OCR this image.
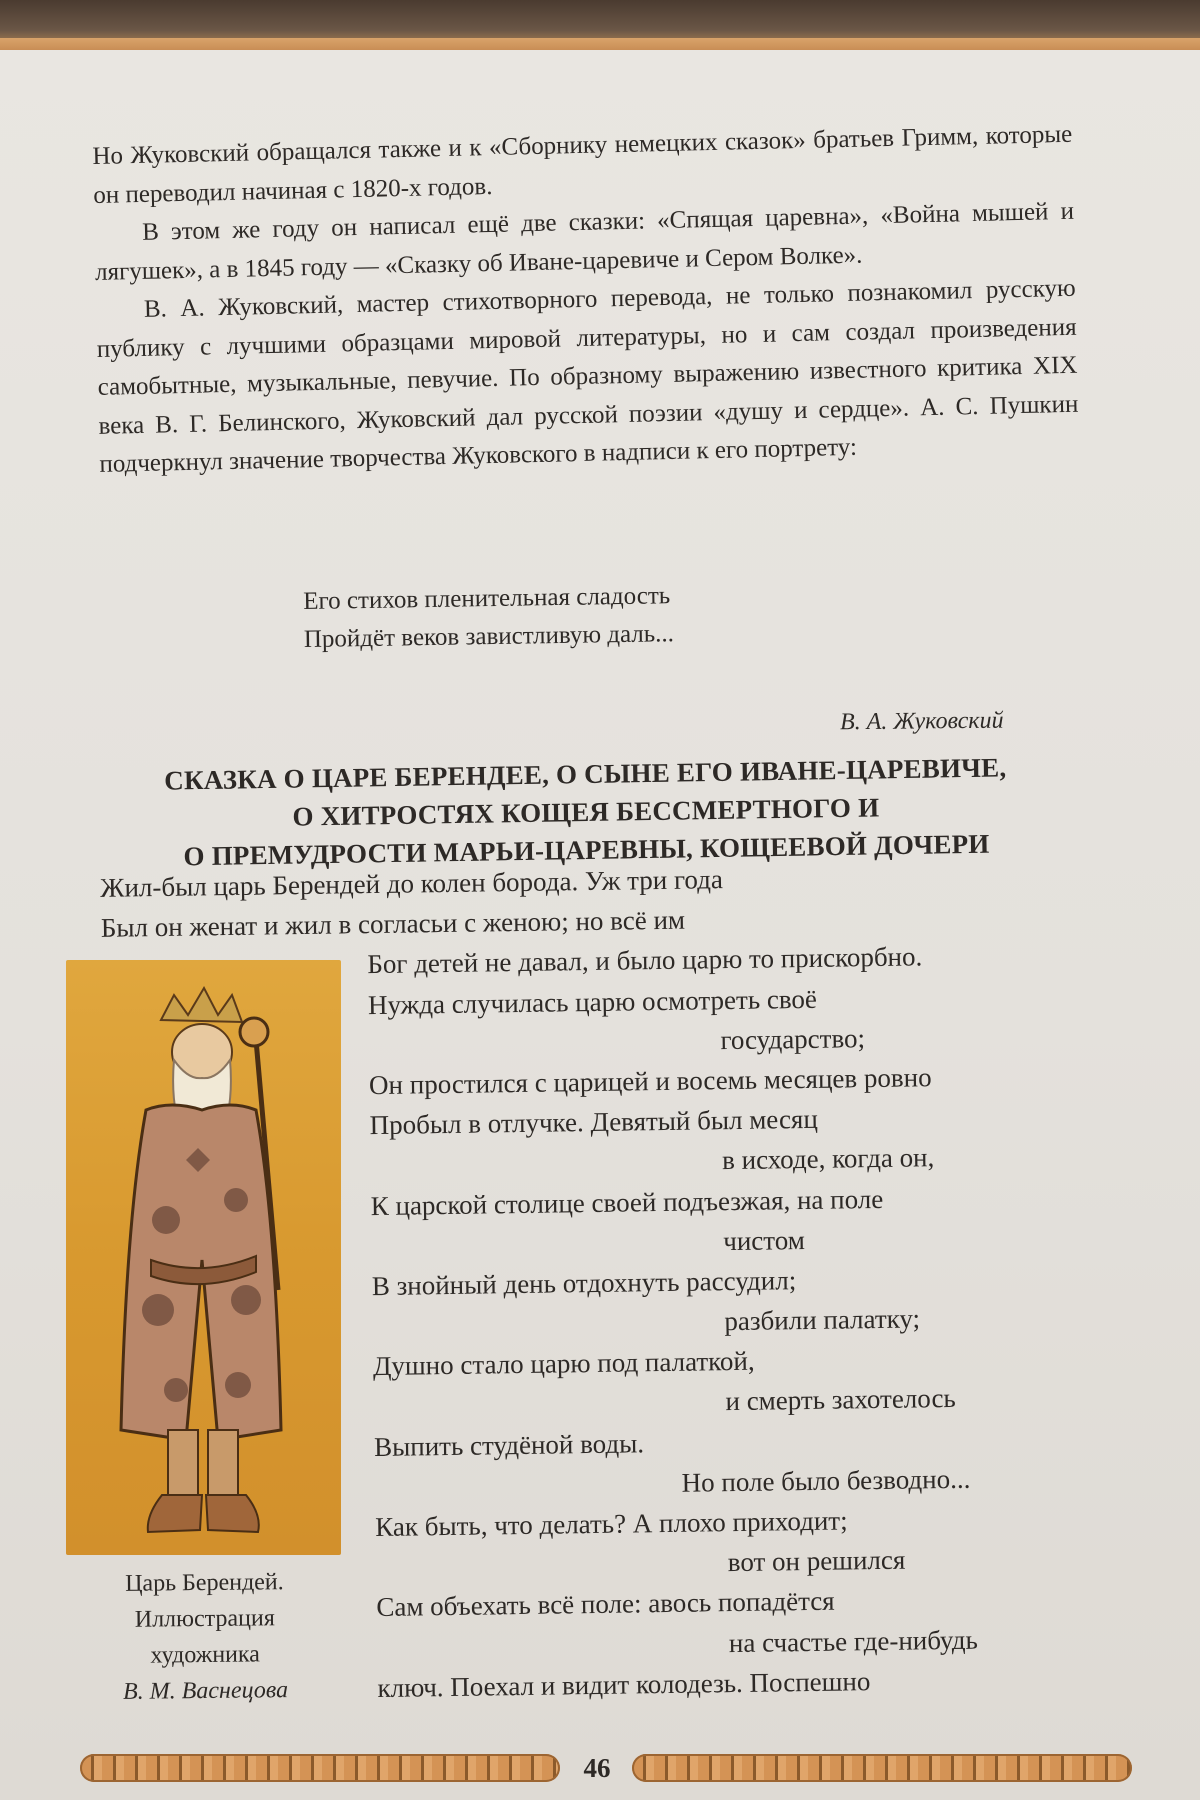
Но Жуковский обращался также и к «Сборнику немецких сказок» братьев Гримм, которые он переводил начиная с 1820-х годов.

В этом же году он написал ещё две сказки: «Спящая царевна», «Война мышей и лягушек», а в 1845 году — «Сказку об Иване-царевиче и Сером Волке».

В. А. Жуковский, мастер стихотворного перевода, не только познакомил русскую публику с лучшими образцами мировой литературы, но и сам создал произведения самобытные, музыкальные, певучие. По образному выражению известного критика XIX века В. Г. Белинского, Жуковский дал русской поэзии «душу и сердце». А. С. Пушкин подчеркнул значение творчества Жуковского в надписи к его портрету:

Его стихов пленительная сладость
Пройдёт веков завистливую даль...
В. А. Жуковский
СКАЗКА О ЦАРЕ БЕРЕНДЕЕ, О СЫНЕ ЕГО ИВАНЕ-ЦАРЕВИЧЕ,
О ХИТРОСТЯХ КОЩЕЯ БЕССМЕРТНОГО И
О ПРЕМУДРОСТИ МАРЬИ-ЦАРЕВНЫ, КОЩЕЕВОЙ ДОЧЕРИ
Царь Берендей.
Иллюстрация
художника
В. М. Васнецова
Жил-был царь Берендей до колен борода. Уж три года
Был он женат и жил в согласьи с женою; но всё им
Бог детей не давал, и было царю то прискорбно.
Нужда случилась царю осмотреть своё
государство;
Он простился с царицей и восемь месяцев ровно
Пробыл в отлучке. Девятый был месяц
в исходе, когда он,
К царской столице своей подъезжая, на поле
чистом
В знойный день отдохнуть рассудил;
разбили палатку;
Душно стало царю под палаткой,
и смерть захотелось
Выпить студёной воды.
Но поле было безводно...
Как быть, что делать? А плохо приходит;
вот он решился
Сам объехать всё поле: авось попадётся
на счастье где-нибудь
ключ. Поехал и видит колодезь. Поспешно
46
